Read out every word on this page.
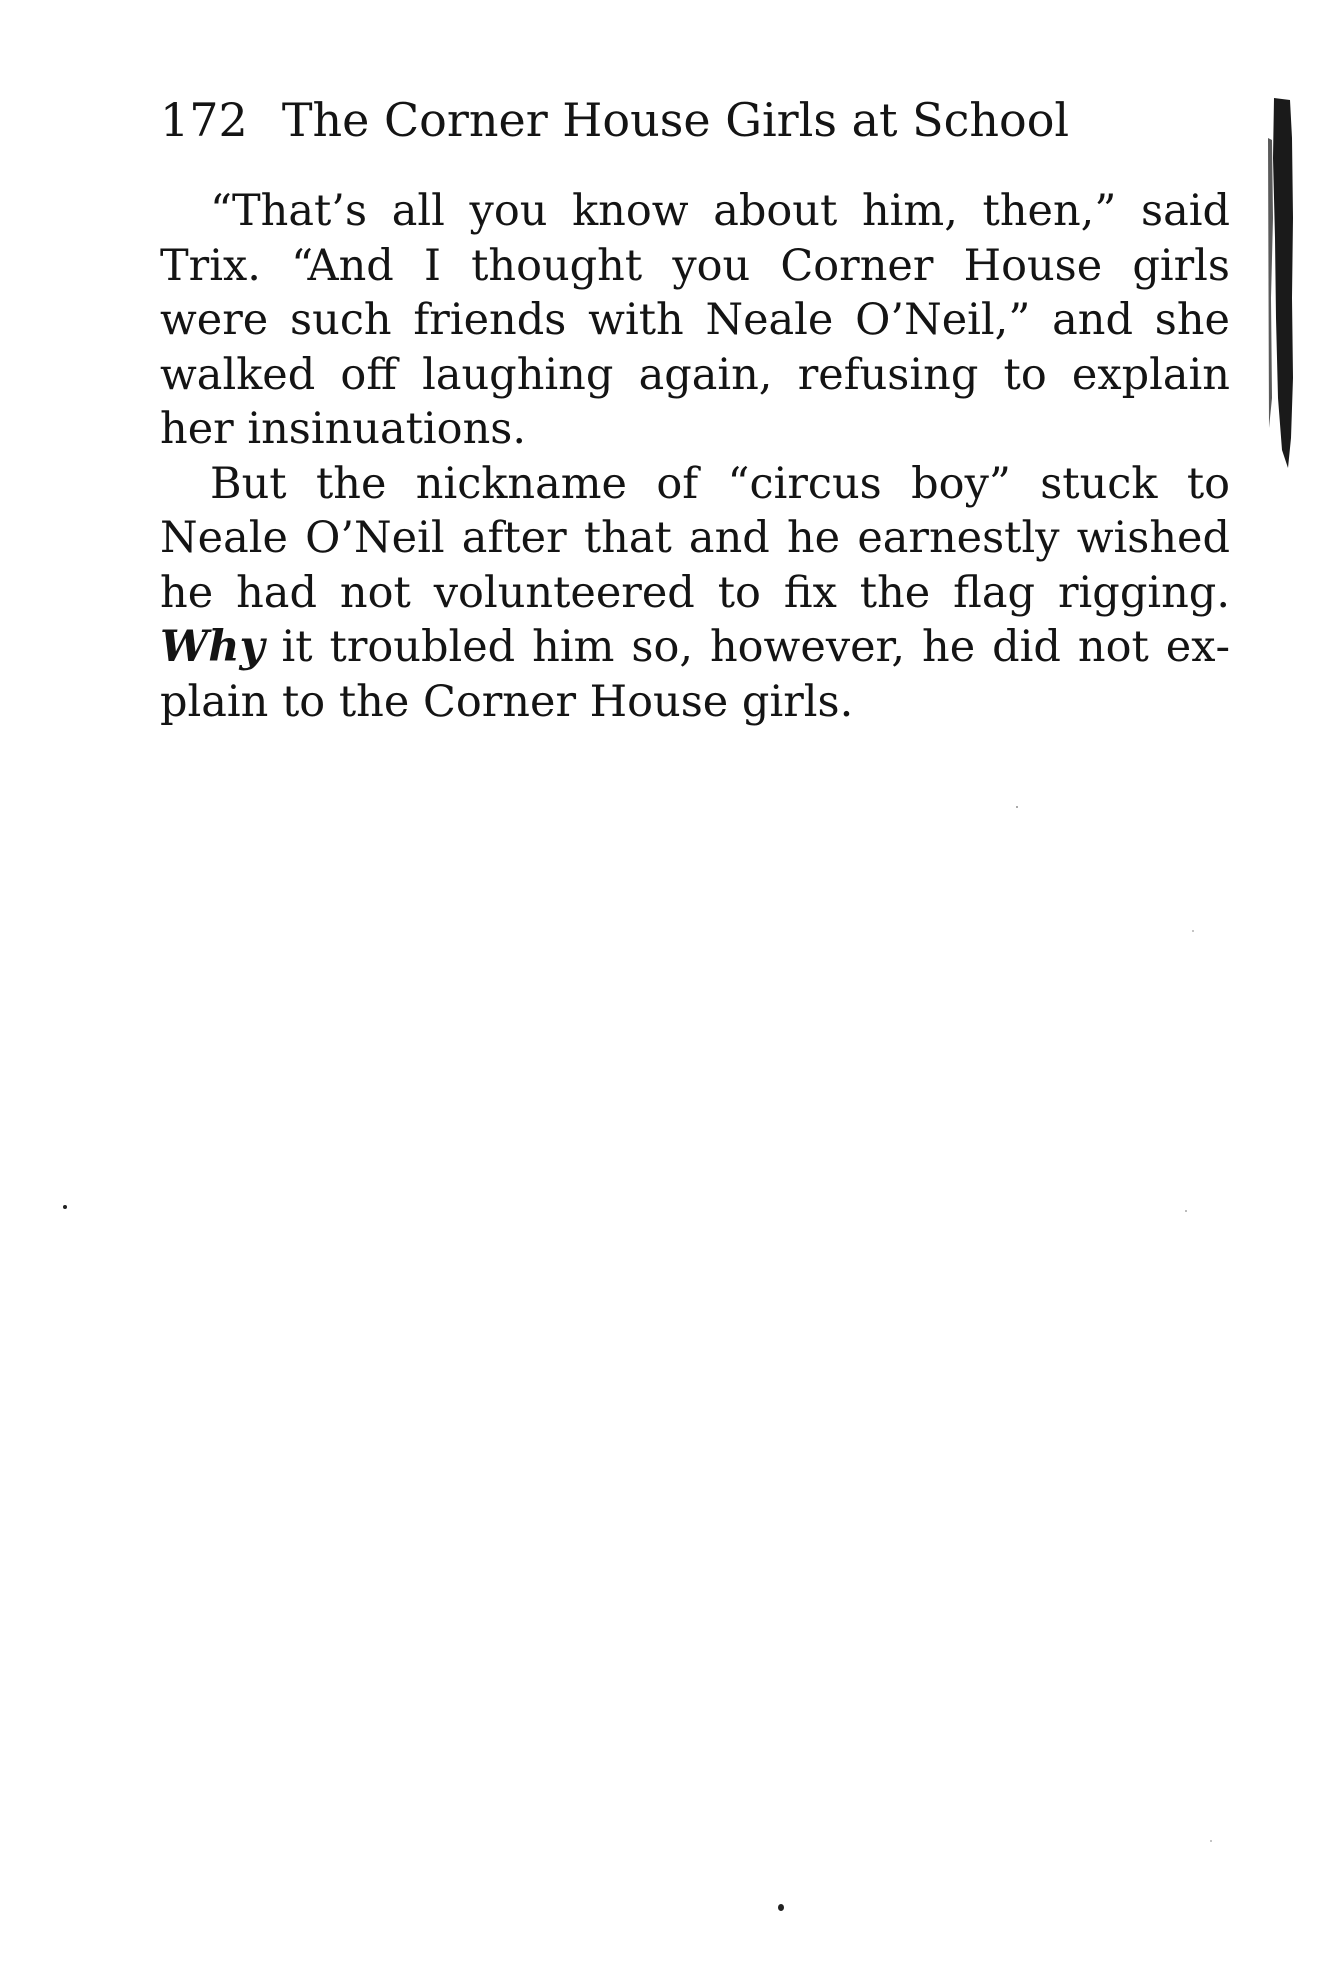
172 The Corner House Girls at School

“That’s all you know about him, then,” said Trix. “And I thought you Corner House girls were such friends with Neale O’Neil,” and she walked off laughing again, refusing to explain her insinuations.

But the nickname of “circus boy” stuck to Neale O’Neil after that and he earnestly wished he had not volunteered to fix the flag rigging. Why it troubled him so, however, he did not explain to the Corner House girls.
